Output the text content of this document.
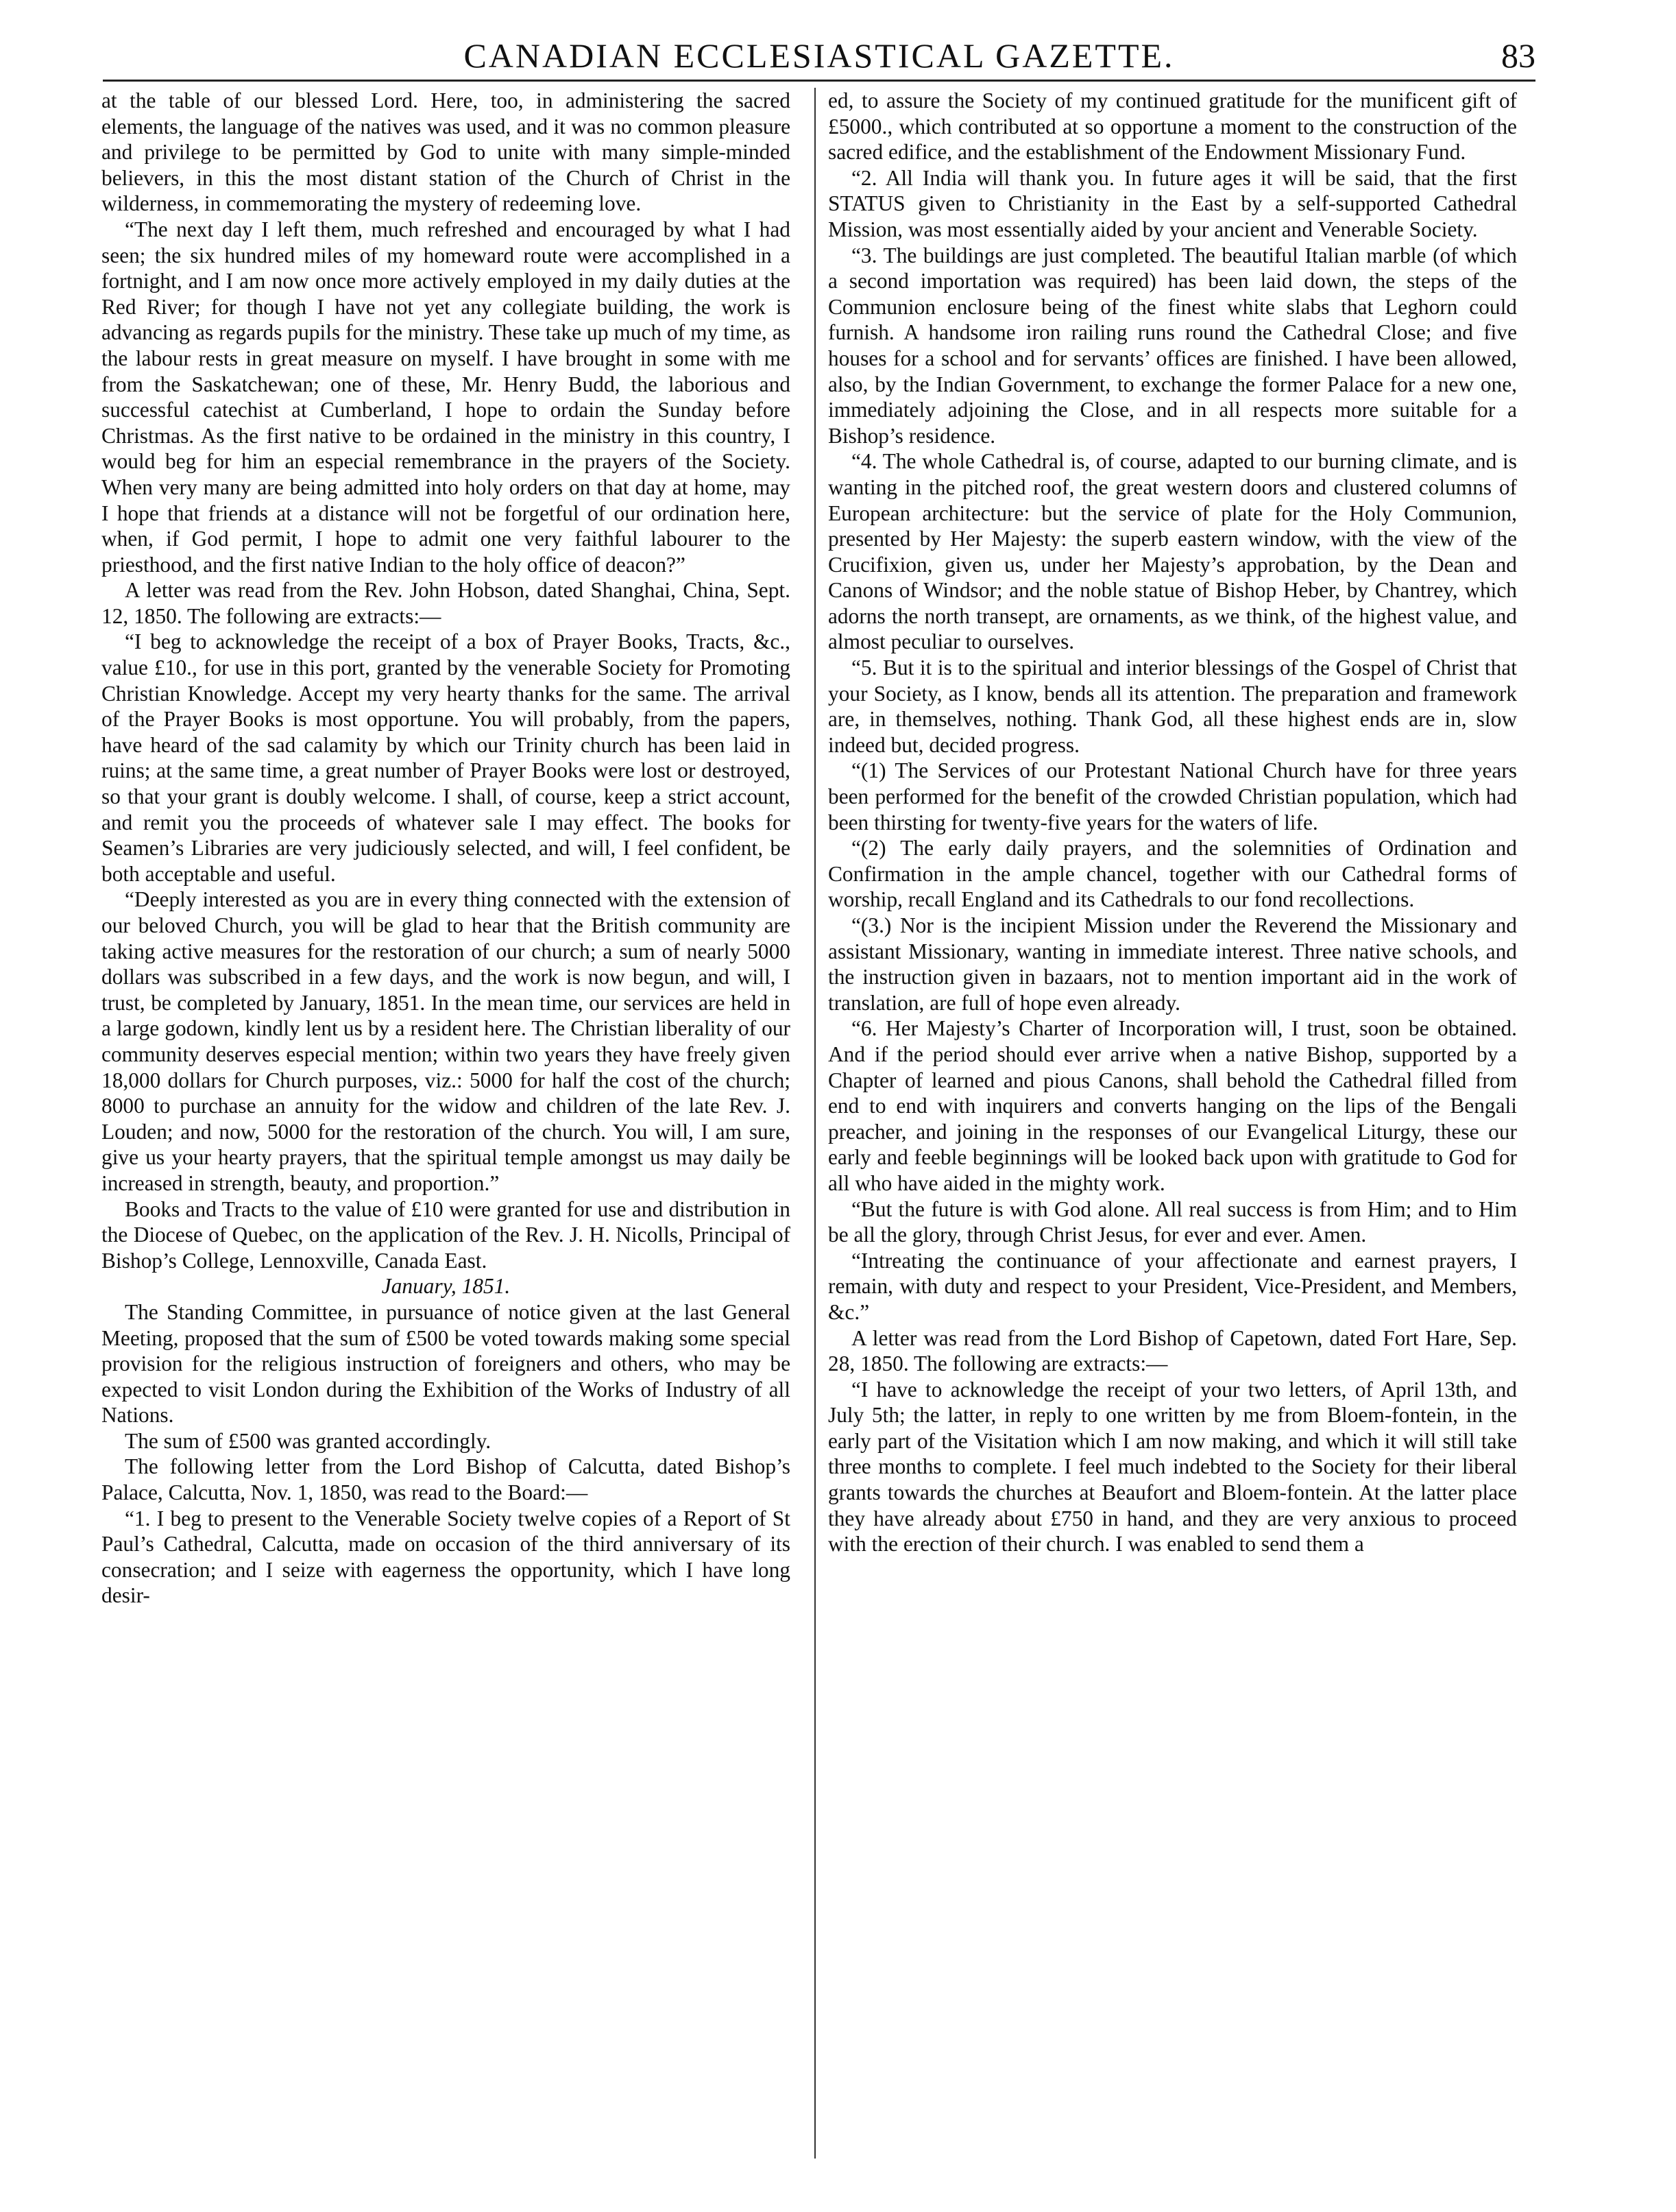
CANADIAN ECCLESIASTICAL GAZETTE.	83

at the table of our blessed Lord. Here, too, in administering the sacred elements, the language of the natives was used, and it was no common pleasure and privilege to be permitted by God to unite with many simple-minded believers, in this the most distant station of the Church of Christ in the wilderness, in commemorating the mystery of redeeming love.

“The next day I left them, much refreshed and encouraged by what I had seen; the six hundred miles of my homeward route were accomplished in a fortnight, and I am now once more actively employed in my daily duties at the Red River; for though I have not yet any collegiate building, the work is advancing as regards pupils for the ministry. These take up much of my time, as the labour rests in great measure on myself. I have brought in some with me from the Saskatchewan; one of these, Mr. Henry Budd, the laborious and successful catechist at Cumberland, I hope to ordain the Sunday before Christmas. As the first native to be ordained in the ministry in this country, I would beg for him an especial remembrance in the prayers of the Society. When very many are being admitted into holy orders on that day at home, may I hope that friends at a distance will not be forgetful of our ordination here, when, if God permit, I hope to admit one very faithful labourer to the priesthood, and the first native Indian to the holy office of deacon?”

A letter was read from the Rev. John Hobson, dated Shanghai, China, Sept. 12, 1850. The following are extracts:—

“I beg to acknowledge the receipt of a box of Prayer Books, Tracts, &c., value £10., for use in this port, granted by the venerable Society for Promoting Christian Knowledge. Accept my very hearty thanks for the same. The arrival of the Prayer Books is most opportune. You will probably, from the papers, have heard of the sad calamity by which our Trinity church has been laid in ruins; at the same time, a great number of Prayer Books were lost or destroyed, so that your grant is doubly welcome. I shall, of course, keep a strict account, and remit you the proceeds of whatever sale I may effect. The books for Seamen’s Libraries are very judiciously selected, and will, I feel confident, be both acceptable and useful.

“Deeply interested as you are in every thing connected with the extension of our beloved Church, you will be glad to hear that the British community are taking active measures for the restoration of our church; a sum of nearly 5000 dollars was subscribed in a few days, and the work is now begun, and will, I trust, be completed by January, 1851. In the mean time, our services are held in a large godown, kindly lent us by a resident here. The Christian liberality of our community deserves especial mention; within two years they have freely given 18,000 dollars for Church purposes, viz.: 5000 for half the cost of the church; 8000 to purchase an annuity for the widow and children of the late Rev. J. Louden; and now, 5000 for the restoration of the church. You will, I am sure, give us your hearty prayers, that the spiritual temple amongst us may daily be increased in strength, beauty, and proportion.”

Books and Tracts to the value of £10 were granted for use and distribution in the Diocese of Quebec, on the application of the Rev. J. H. Nicolls, Principal of Bishop’s College, Lennoxville, Canada East.

January, 1851.

The Standing Committee, in pursuance of notice given at the last General Meeting, proposed that the sum of £500 be voted towards making some special provision for the religious instruction of foreigners and others, who may be expected to visit London during the Exhibition of the Works of Industry of all Nations.

The sum of £500 was granted accordingly.

The following letter from the Lord Bishop of Calcutta, dated Bishop’s Palace, Calcutta, Nov. 1, 1850, was read to the Board:—

“1. I beg to present to the Venerable Society twelve copies of a Report of St Paul’s Cathedral, Calcutta, made on occasion of the third anniversary of its consecration; and I seize with eagerness the opportunity, which I have long desir-

ed, to assure the Society of my continued gratitude for the munificent gift of £5000., which contributed at so opportune a moment to the construction of the sacred edifice, and the establishment of the Endowment Missionary Fund.

“2. All India will thank you. In future ages it will be said, that the first STATUS given to Christianity in the East by a self-supported Cathedral Mission, was most essentially aided by your ancient and Venerable Society.

“3. The buildings are just completed. The beautiful Italian marble (of which a second importation was required) has been laid down, the steps of the Communion enclosure being of the finest white slabs that Leghorn could furnish. A handsome iron railing runs round the Cathedral Close; and five houses for a school and for servants’ offices are finished. I have been allowed, also, by the Indian Government, to exchange the former Palace for a new one, immediately adjoining the Close, and in all respects more suitable for a Bishop’s residence.

“4. The whole Cathedral is, of course, adapted to our burning climate, and is wanting in the pitched roof, the great western doors and clustered columns of European architecture: but the service of plate for the Holy Communion, presented by Her Majesty: the superb eastern window, with the view of the Crucifixion, given us, under her Majesty’s approbation, by the Dean and Canons of Windsor; and the noble statue of Bishop Heber, by Chantrey, which adorns the north transept, are ornaments, as we think, of the highest value, and almost peculiar to ourselves.

“5. But it is to the spiritual and interior blessings of the Gospel of Christ that your Society, as I know, bends all its attention. The preparation and framework are, in themselves, nothing. Thank God, all these highest ends are in, slow indeed but, decided progress.

“(1) The Services of our Protestant National Church have for three years been performed for the benefit of the crowded Christian population, which had been thirsting for twenty-five years for the waters of life.

“(2) The early daily prayers, and the solemnities of Ordination and Confirmation in the ample chancel, together with our Cathedral forms of worship, recall England and its Cathedrals to our fond recollections.

“(3.) Nor is the incipient Mission under the Reverend the Missionary and assistant Missionary, wanting in immediate interest. Three native schools, and the instruction given in bazaars, not to mention important aid in the work of translation, are full of hope even already.

“6. Her Majesty’s Charter of Incorporation will, I trust, soon be obtained. And if the period should ever arrive when a native Bishop, supported by a Chapter of learned and pious Canons, shall behold the Cathedral filled from end to end with inquirers and converts hanging on the lips of the Bengali preacher, and joining in the responses of our Evangelical Liturgy, these our early and feeble beginnings will be looked back upon with gratitude to God for all who have aided in the mighty work.

“But the future is with God alone. All real success is from Him; and to Him be all the glory, through Christ Jesus, for ever and ever. Amen.

“Intreating the continuance of your affectionate and earnest prayers, I remain, with duty and respect to your President, Vice-President, and Members, &c.”

A letter was read from the Lord Bishop of Capetown, dated Fort Hare, Sep. 28, 1850. The following are extracts:—

“I have to acknowledge the receipt of your two letters, of April 13th, and July 5th; the latter, in reply to one written by me from Bloem-fontein, in the early part of the Visitation which I am now making, and which it will still take three months to complete. I feel much indebted to the Society for their liberal grants towards the churches at Beaufort and Bloem-fontein. At the latter place they have already about £750 in hand, and they are very anxious to proceed with the erection of their church. I was enabled to send them a
